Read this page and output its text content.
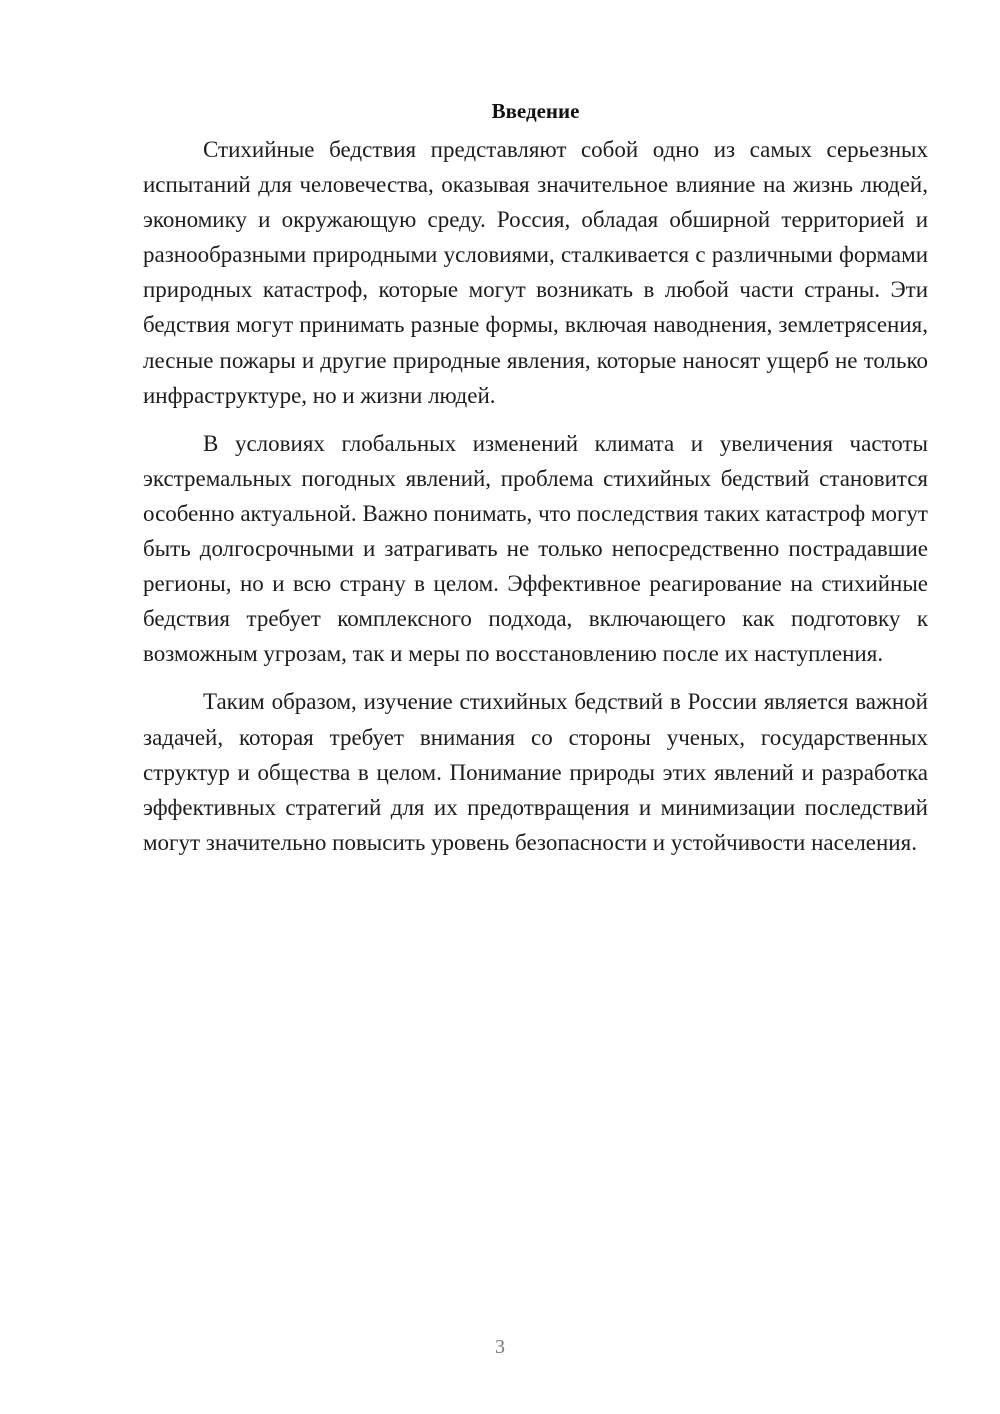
Введение

Стихийные бедствия представляют собой одно из самых серьезных испытаний для человечества, оказывая значительное влияние на жизнь людей, экономику и окружающую среду. Россия, обладая обширной территорией и разнообразными природными условиями, сталкивается с различными формами природных катастроф, которые могут возникать в любой части страны. Эти бедствия могут принимать разные формы, включая наводнения, землетрясения, лесные пожары и другие природные явления, которые наносят ущерб не только инфраструктуре, но и жизни людей.

В условиях глобальных изменений климата и увеличения частоты экстремальных погодных явлений, проблема стихийных бедствий становится особенно актуальной. Важно понимать, что последствия таких катастроф могут быть долгосрочными и затрагивать не только непосредственно пострадавшие регионы, но и всю страну в целом. Эффективное реагирование на стихийные бедствия требует комплексного подхода, включающего как подготовку к возможным угрозам, так и меры по восстановлению после их наступления.

Таким образом, изучение стихийных бедствий в России является важной задачей, которая требует внимания со стороны ученых, государственных структур и общества в целом. Понимание природы этих явлений и разработка эффективных стратегий для их предотвращения и минимизации последствий могут значительно повысить уровень безопасности и устойчивости населения.

3
